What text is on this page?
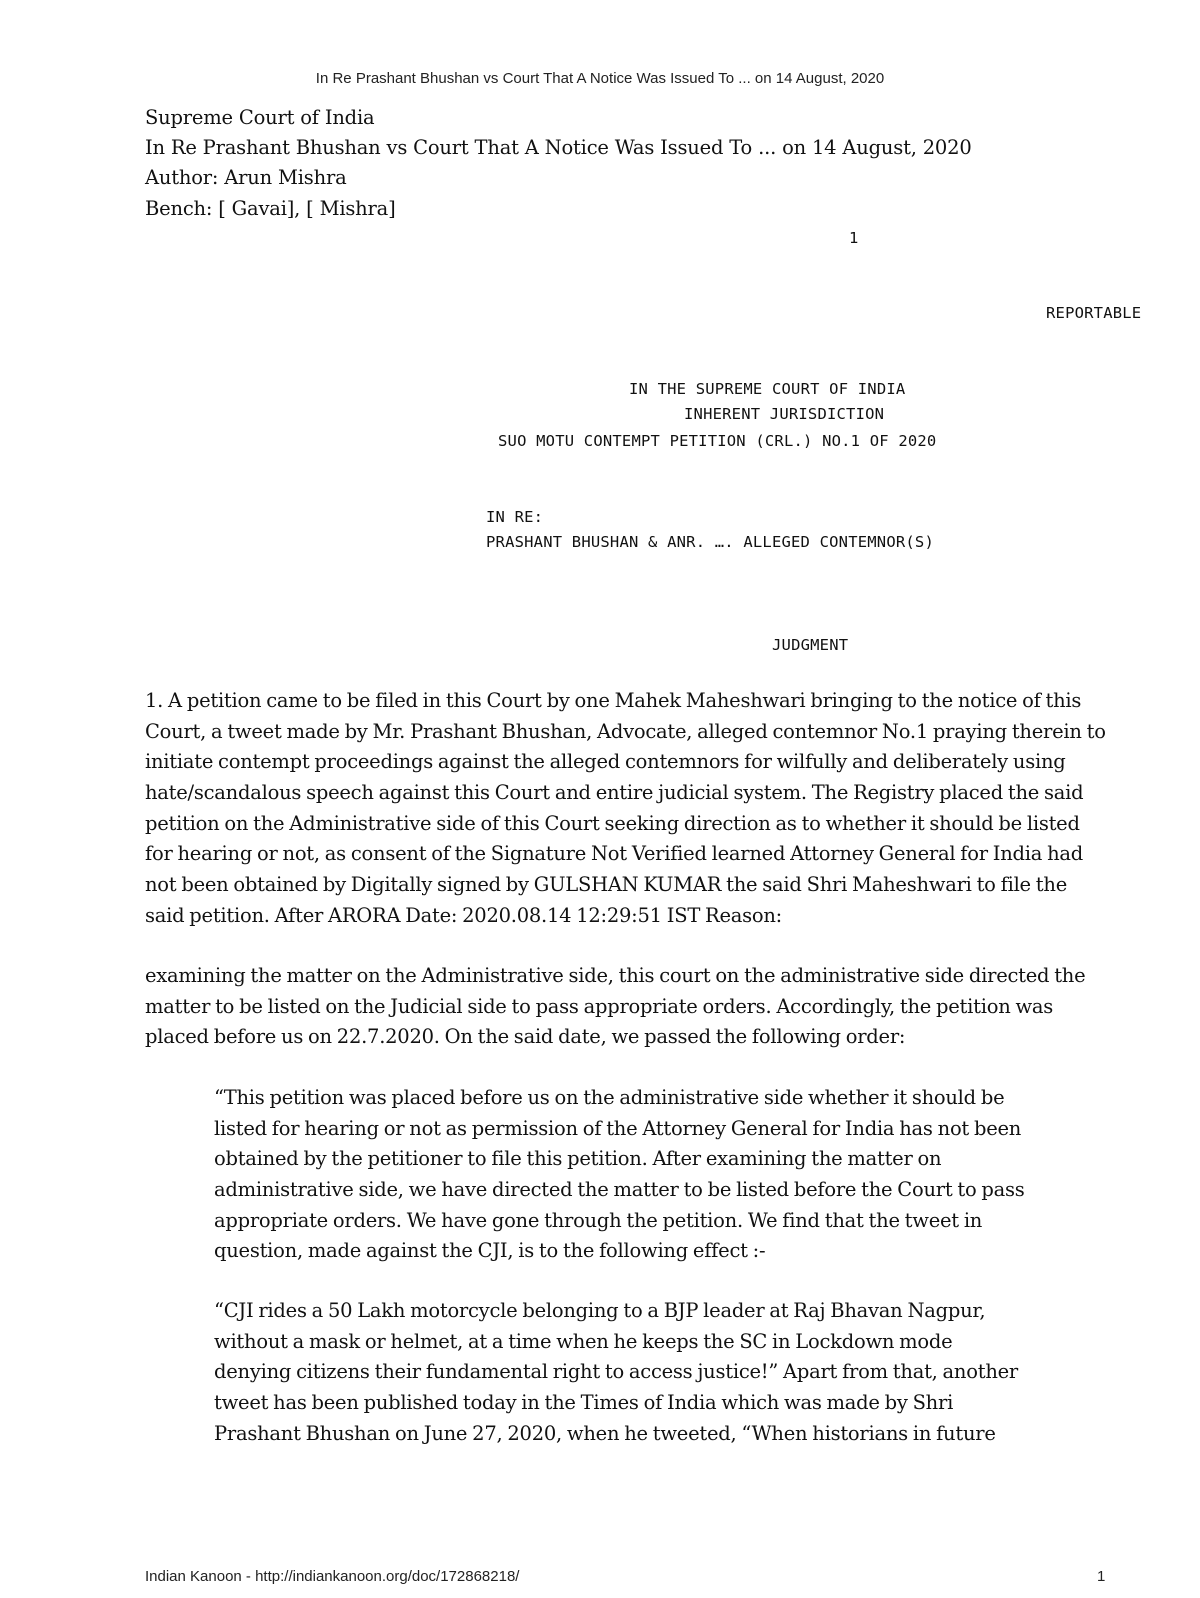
In Re Prashant Bhushan vs Court That A Notice Was Issued To ... on 14 August, 2020
Supreme Court of India
In Re Prashant Bhushan vs Court That A Notice Was Issued To ... on 14 August, 2020
Author: Arun Mishra
Bench: [ Gavai], [ Mishra]
1
REPORTABLE
IN THE SUPREME COURT OF INDIA
INHERENT JURISDICTION
SUO MOTU CONTEMPT PETITION (CRL.) NO.1 OF 2020
IN RE:
PRASHANT BHUSHAN & ANR. …. ALLEGED CONTEMNOR(S)
JUDGMENT
1. A petition came to be filed in this Court by one Mahek Maheshwari bringing to the notice of this
Court, a tweet made by Mr. Prashant Bhushan, Advocate, alleged contemnor No.1 praying therein to
initiate contempt proceedings against the alleged contemnors for wilfully and deliberately using
hate/scandalous speech against this Court and entire judicial system. The Registry placed the said
petition on the Administrative side of this Court seeking direction as to whether it should be listed
for hearing or not, as consent of the Signature Not Verified learned Attorney General for India had
not been obtained by Digitally signed by GULSHAN KUMAR the said Shri Maheshwari to file the
said petition. After ARORA Date: 2020.08.14 12:29:51 IST Reason:
examining the matter on the Administrative side, this court on the administrative side directed the
matter to be listed on the Judicial side to pass appropriate orders. Accordingly, the petition was
placed before us on 22.7.2020. On the said date, we passed the following order:
“This petition was placed before us on the administrative side whether it should be
listed for hearing or not as permission of the Attorney General for India has not been
obtained by the petitioner to file this petition. After examining the matter on
administrative side, we have directed the matter to be listed before the Court to pass
appropriate orders. We have gone through the petition. We find that the tweet in
question, made against the CJI, is to the following effect :-
“CJI rides a 50 Lakh motorcycle belonging to a BJP leader at Raj Bhavan Nagpur,
without a mask or helmet, at a time when he keeps the SC in Lockdown mode
denying citizens their fundamental right to access justice!” Apart from that, another
tweet has been published today in the Times of India which was made by Shri
Prashant Bhushan on June 27, 2020, when he tweeted, “When historians in future
Indian Kanoon - http://indiankanoon.org/doc/172868218/	1
